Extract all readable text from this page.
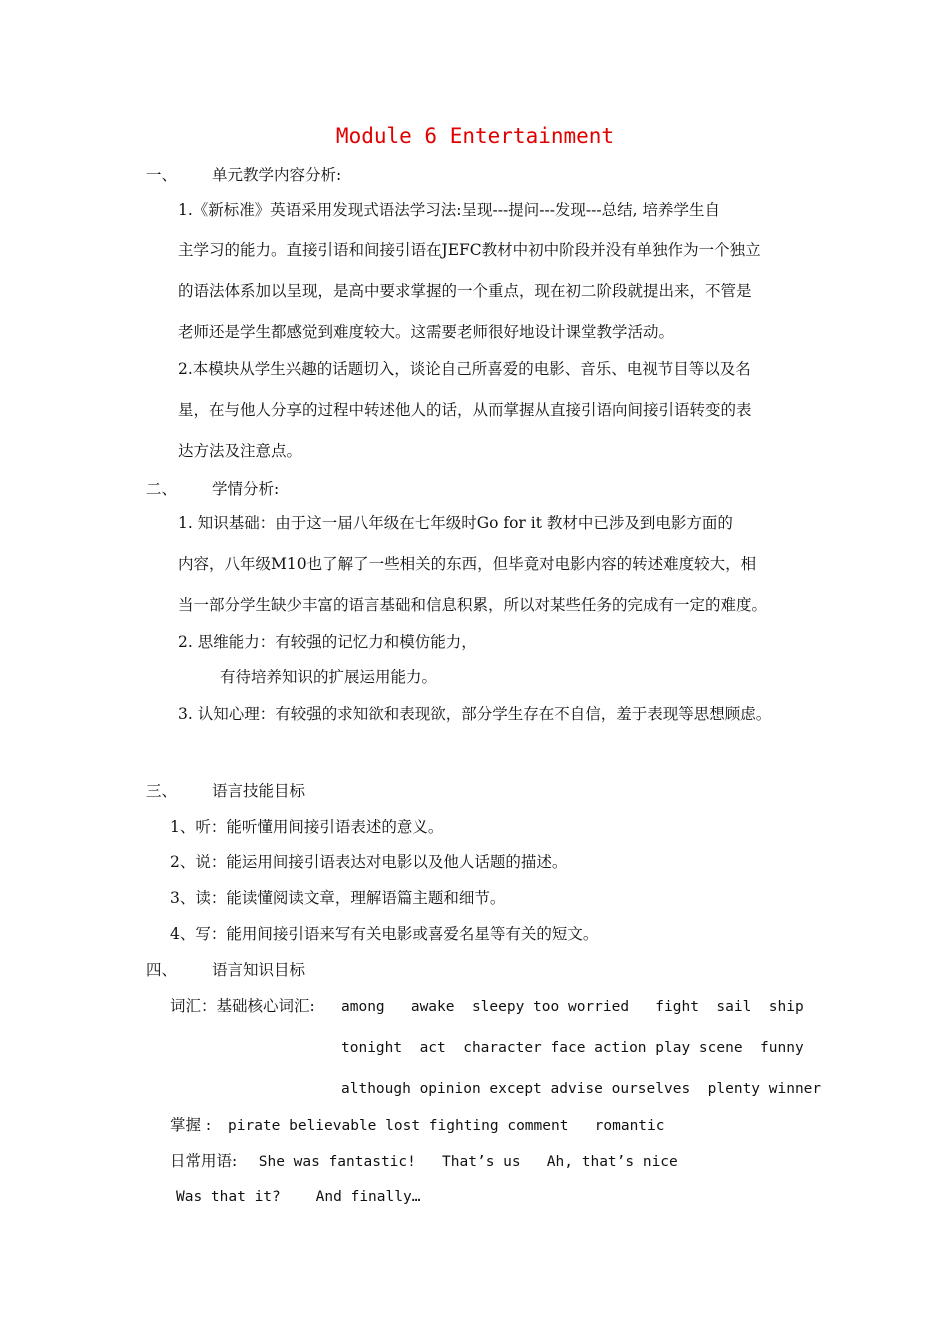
Module 6 Entertainment
一、 单元教学内容分析:
1.《新标准》英语采用发现式语法学习法:呈现---提问---发现---总结, 培养学生自
主学习的能力。直接引语和间接引语在JEFC教材中初中阶段并没有单独作为一个独立
的语法体系加以呈现，是高中要求掌握的一个重点，现在初二阶段就提出来，不管是
老师还是学生都感觉到难度较大。这需要老师很好地设计课堂教学活动。
2.本模块从学生兴趣的话题切入，谈论自己所喜爱的电影、音乐、电视节目等以及名
星，在与他人分享的过程中转述他人的话，从而掌握从直接引语向间接引语转变的表
达方法及注意点。
二、 学情分析:
1. 知识基础：由于这一届八年级在七年级时Go for it 教材中已涉及到电影方面的
内容，八年级M10也了解了一些相关的东西，但毕竟对电影内容的转述难度较大，相
当一部分学生缺少丰富的语言基础和信息积累，所以对某些任务的完成有一定的难度。
2. 思维能力：有较强的记忆力和模仿能力，
有待培养知识的扩展运用能力。
3. 认知心理：有较强的求知欲和表现欲，部分学生存在不自信，羞于表现等思想顾虑。
三、 语言技能目标
1、听：能听懂用间接引语表述的意义。
2、说：能运用间接引语表达对电影以及他人话题的描述。
3、读：能读懂阅读文章，理解语篇主题和细节。
4、写：能用间接引语来写有关电影或喜爱名星等有关的短文。
四、 语言知识目标
词汇：基础核心词汇: among   awake  sleepy too worried   fight  sail  ship
tonight  act  character face action play scene  funny
although opinion except advise ourselves  plenty winner
掌握 : pirate believable lost fighting comment   romantic
日常用语: She was fantastic!   That’s us   Ah, that’s nice
Was that it?    And finally…
